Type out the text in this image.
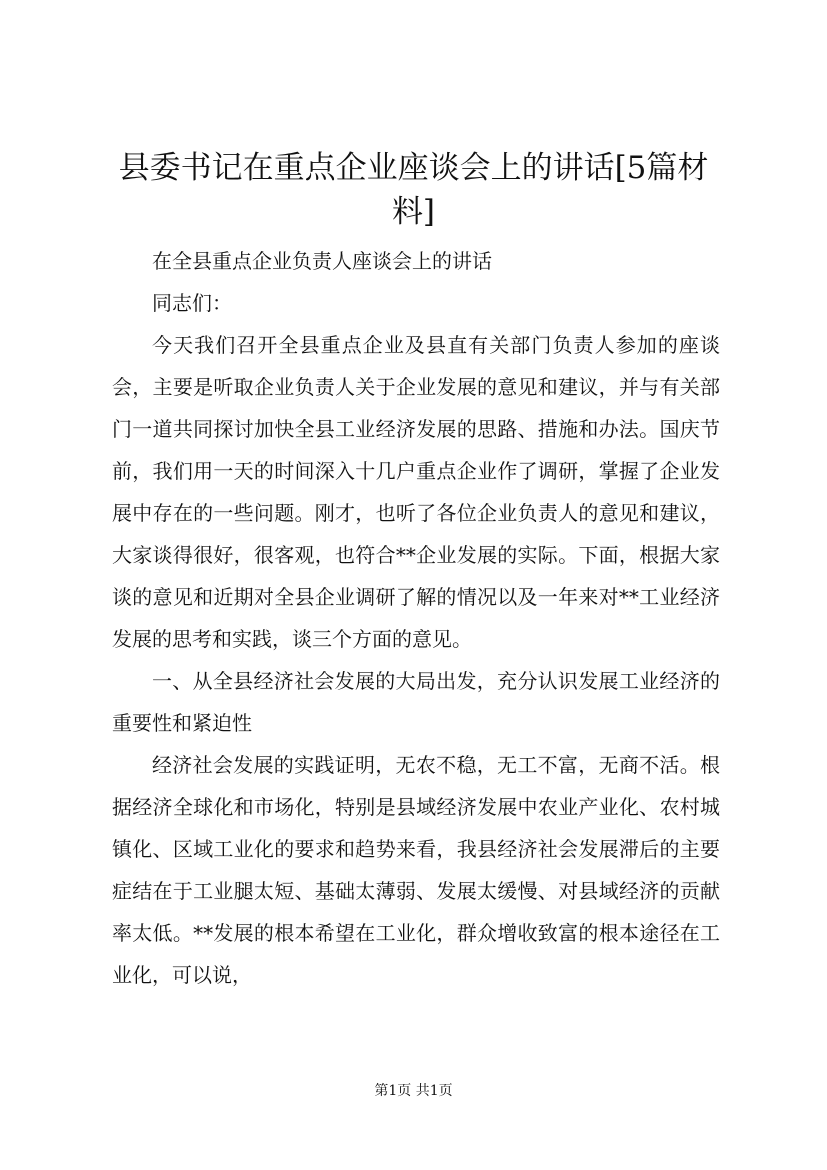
县委书记在重点企业座谈会上的讲话[5篇材料]

在全县重点企业负责人座谈会上的讲话

同志们：

今天我们召开全县重点企业及县直有关部门负责人参加的座谈会，主要是听取企业负责人关于企业发展的意见和建议，并与有关部门一道共同探讨加快全县工业经济发展的思路、措施和办法。国庆节前，我们用一天的时间深入十几户重点企业作了调研，掌握了企业发展中存在的一些问题。刚才，也听了各位企业负责人的意见和建议，大家谈得很好，很客观，也符合**企业发展的实际。下面，根据大家谈的意见和近期对全县企业调研了解的情况以及一年来对**工业经济发展的思考和实践，谈三个方面的意见。

一、从全县经济社会发展的大局出发，充分认识发展工业经济的重要性和紧迫性

经济社会发展的实践证明，无农不稳，无工不富，无商不活。根据经济全球化和市场化，特别是县域经济发展中农业产业化、农村城镇化、区域工业化的要求和趋势来看，我县经济社会发展滞后的主要症结在于工业腿太短、基础太薄弱、发展太缓慢、对县域经济的贡献率太低。**发展的根本希望在工业化，群众增收致富的根本途径在工业化，可以说，

第1页 共1页
